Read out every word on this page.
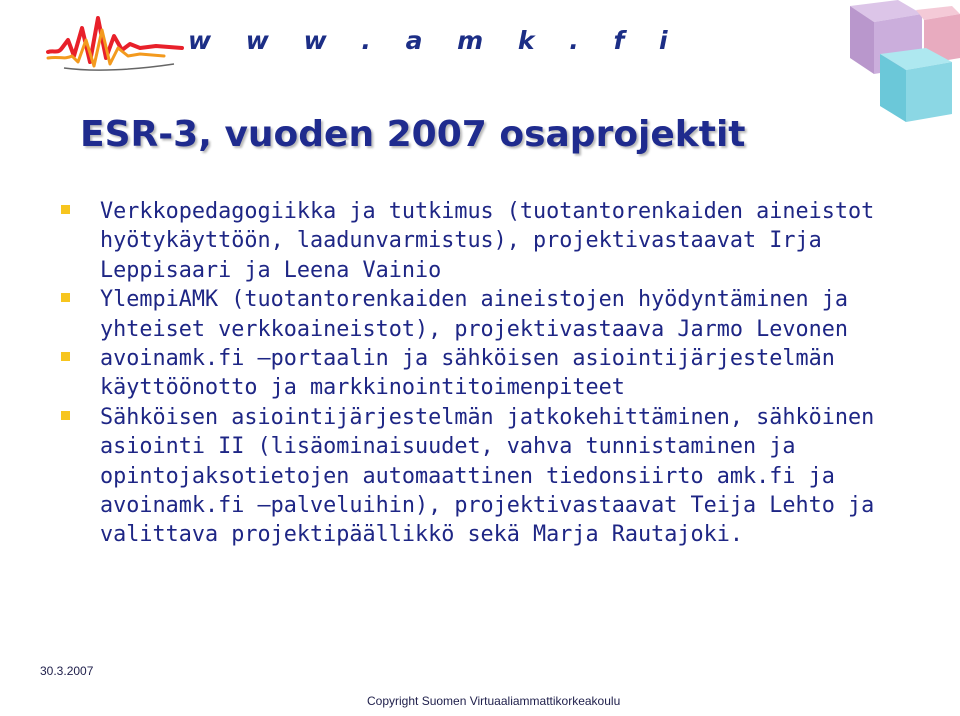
w w w . a m k . f i
ESR-3, vuoden 2007 osaprojektit
Verkkopedagogiikka ja tutkimus (tuotantorenkaiden aineistot hyötykäyttöön, laadunvarmistus), projektivastaavat Irja Leppisaari ja Leena Vainio
YlempiAMK (tuotantorenkaiden aineistojen hyödyntäminen ja yhteiset verkkoaineistot), projektivastaava Jarmo Levonen
avoinamk.fi –portaalin ja sähköisen asiointijärjestelmän käyttöönotto ja markkinointitoimenpiteet
Sähköisen asiointijärjestelmän jatkokehittäminen, sähköinen asiointi II (lisäominaisuudet, vahva tunnistaminen ja opintojaksotietojen automaattinen tiedonsiirto amk.fi ja avoinamk.fi –palveluihin), projektivastaavat Teija Lehto ja valittava projektipäällikkö sekä Marja Rautajoki.
30.3.2007
Copyright Suomen Virtuaaliammattikorkeakoulu
